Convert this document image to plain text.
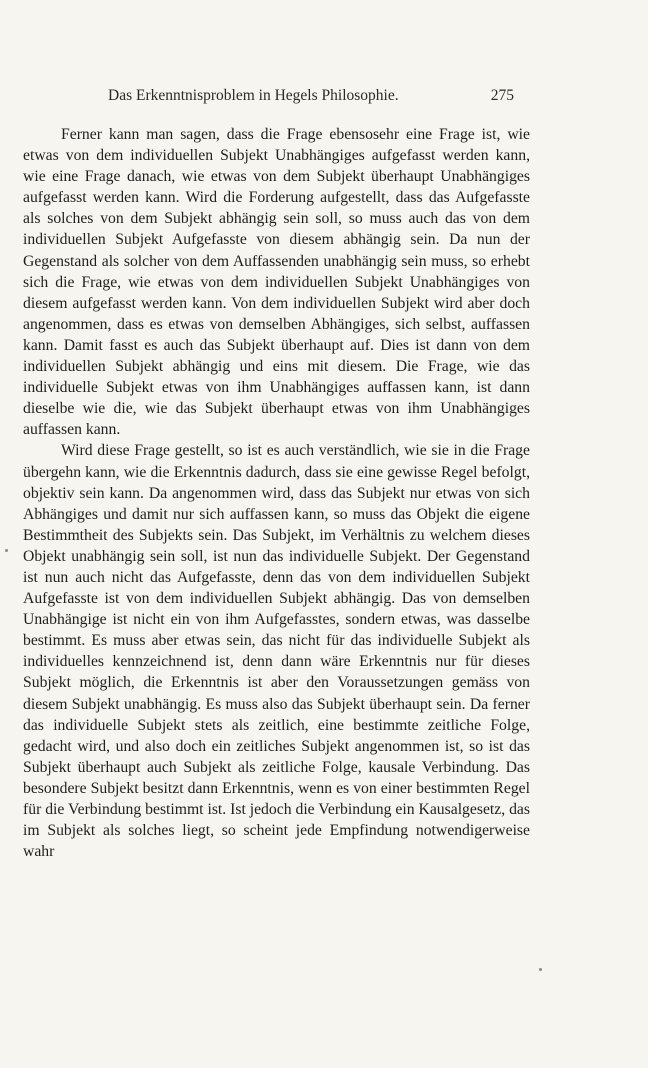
Das Erkenntnisproblem in Hegels Philosophie.	275

Ferner kann man sagen, dass die Frage ebensosehr eine Frage ist, wie etwas von dem individuellen Subjekt Unabhängiges aufgefasst werden kann, wie eine Frage danach, wie etwas von dem Subjekt überhaupt Unabhängiges aufgefasst werden kann. Wird die Forderung aufgestellt, dass das Aufgefasste als solches von dem Subjekt abhängig sein soll, so muss auch das von dem individuellen Subjekt Aufgefasste von diesem abhängig sein. Da nun der Gegenstand als solcher von dem Auffassenden unabhängig sein muss, so erhebt sich die Frage, wie etwas von dem individuellen Subjekt Unabhängiges von diesem aufgefasst werden kann. Von dem individuellen Subjekt wird aber doch angenommen, dass es etwas von demselben Abhängiges, sich selbst, auffassen kann. Damit fasst es auch das Subjekt überhaupt auf. Dies ist dann von dem individuellen Subjekt abhängig und eins mit diesem. Die Frage, wie das individuelle Subjekt etwas von ihm Unabhängiges auffassen kann, ist dann dieselbe wie die, wie das Subjekt überhaupt etwas von ihm Unabhängiges auffassen kann.

Wird diese Frage gestellt, so ist es auch verständlich, wie sie in die Frage übergehn kann, wie die Erkenntnis dadurch, dass sie eine gewisse Regel befolgt, objektiv sein kann. Da angenommen wird, dass das Subjekt nur etwas von sich Abhängiges und damit nur sich auffassen kann, so muss das Objekt die eigene Bestimmtheit des Subjekts sein. Das Subjekt, im Verhältnis zu welchem dieses Objekt unabhängig sein soll, ist nun das individuelle Subjekt. Der Gegenstand ist nun auch nicht das Aufgefasste, denn das von dem individuellen Subjekt Aufgefasste ist von dem individuellen Subjekt abhängig. Das von demselben Unabhängige ist nicht ein von ihm Aufgefasstes, sondern etwas, was dasselbe bestimmt. Es muss aber etwas sein, das nicht für das individuelle Subjekt als individuelles kennzeichnend ist, denn dann wäre Erkenntnis nur für dieses Subjekt möglich, die Erkenntnis ist aber den Voraussetzungen gemäss von diesem Subjekt unabhängig. Es muss also das Subjekt überhaupt sein. Da ferner das individuelle Subjekt stets als zeitlich, eine bestimmte zeitliche Folge, gedacht wird, und also doch ein zeitliches Subjekt angenommen ist, so ist das Subjekt überhaupt auch Subjekt als zeitliche Folge, kausale Verbindung. Das besondere Subjekt besitzt dann Erkenntnis, wenn es von einer bestimmten Regel für die Verbindung bestimmt ist. Ist jedoch die Verbindung ein Kausalgesetz, das im Subjekt als solches liegt, so scheint jede Empfindung notwendigerweise wahr
